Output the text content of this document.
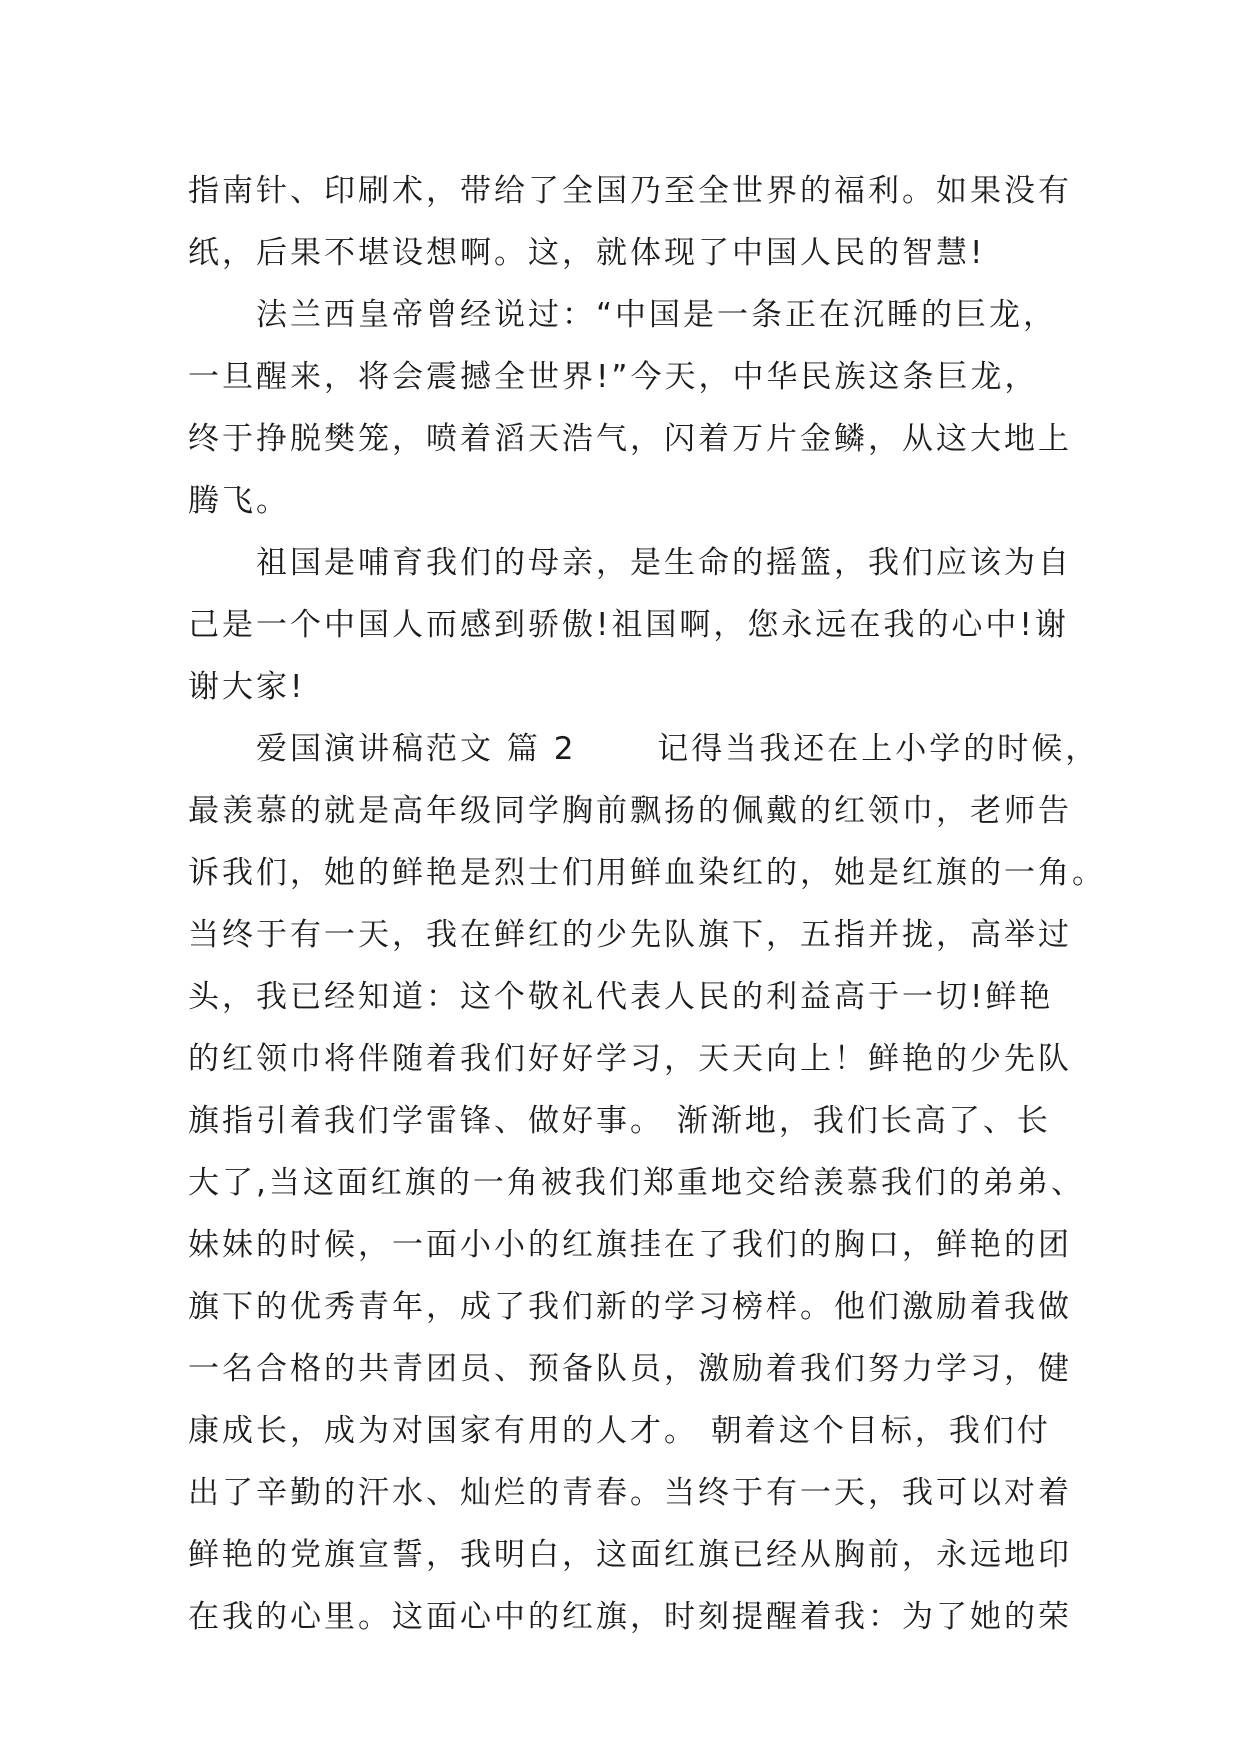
指南针、印刷术，带给了全国乃至全世界的福利。如果没有
纸，后果不堪设想啊。这，就体现了中国人民的智慧!
　　法兰西皇帝曾经说过：“中国是一条正在沉睡的巨龙，
一旦醒来，将会震撼全世界!”今天，中华民族这条巨龙，
终于挣脱樊笼，喷着滔天浩气，闪着万片金鳞，从这大地上
腾飞。
　　祖国是哺育我们的母亲，是生命的摇篮，我们应该为自
己是一个中国人而感到骄傲!祖国啊，您永远在我的心中!谢
谢大家!
　　爱国演讲稿范文 篇 2　　 记得当我还在上小学的时候，
最羡慕的就是高年级同学胸前飘扬的佩戴的红领巾，老师告
诉我们，她的鲜艳是烈士们用鲜血染红的，她是红旗的一角。
当终于有一天，我在鲜红的少先队旗下，五指并拢，高举过
头，我已经知道：这个敬礼代表人民的利益高于一切!鲜艳
的红领巾将伴随着我们好好学习，天天向上！鲜艳的少先队
旗指引着我们学雷锋、做好事。 渐渐地，我们长高了、长
大了,当这面红旗的一角被我们郑重地交给羡慕我们的弟弟、
妹妹的时候，一面小小的红旗挂在了我们的胸口，鲜艳的团
旗下的优秀青年，成了我们新的学习榜样。他们激励着我做
一名合格的共青团员、预备队员，激励着我们努力学习，健
康成长，成为对国家有用的人才。 朝着这个目标，我们付
出了辛勤的汗水、灿烂的青春。当终于有一天，我可以对着
鲜艳的党旗宣誓，我明白，这面红旗已经从胸前，永远地印
在我的心里。这面心中的红旗，时刻提醒着我：为了她的荣
